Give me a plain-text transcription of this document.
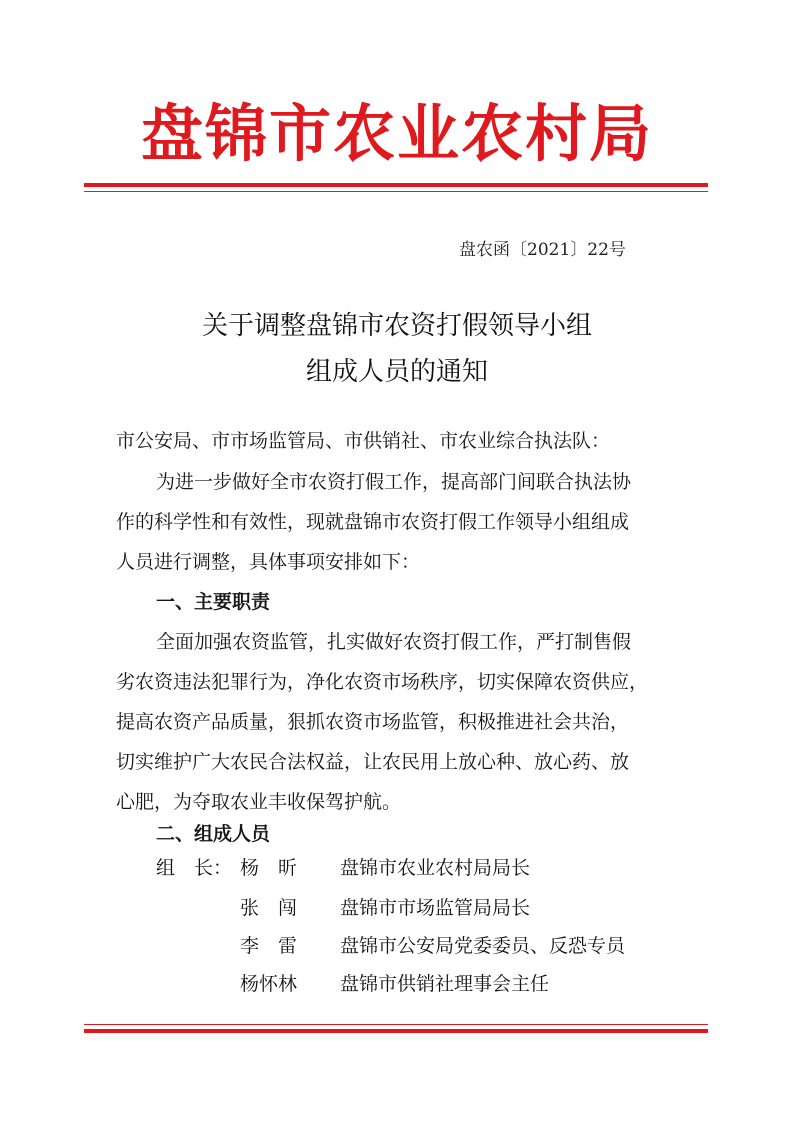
盘锦市农业农村局
盘农函〔2021〕22号
关于调整盘锦市农资打假领导小组
组成人员的通知
市公安局、市市场监管局、市供销社、市农业综合执法队：
为进一步做好全市农资打假工作，提高部门间联合执法协
作的科学性和有效性，现就盘锦市农资打假工作领导小组组成
人员进行调整，具体事项安排如下：
一、主要职责
全面加强农资监管，扎实做好农资打假工作，严打制售假
劣农资违法犯罪行为，净化农资市场秩序，切实保障农资供应，
提高农资产品质量，狠抓农资市场监管，积极推进社会共治，
切实维护广大农民合法权益，让农民用上放心种、放心药、放
心肥，为夺取农业丰收保驾护航。
二、组成人员
组　长： 杨　昕 盘锦市农业农村局局长
张　闯 盘锦市市场监管局局长
李　雷 盘锦市公安局党委委员、反恐专员
杨怀林 盘锦市供销社理事会主任
